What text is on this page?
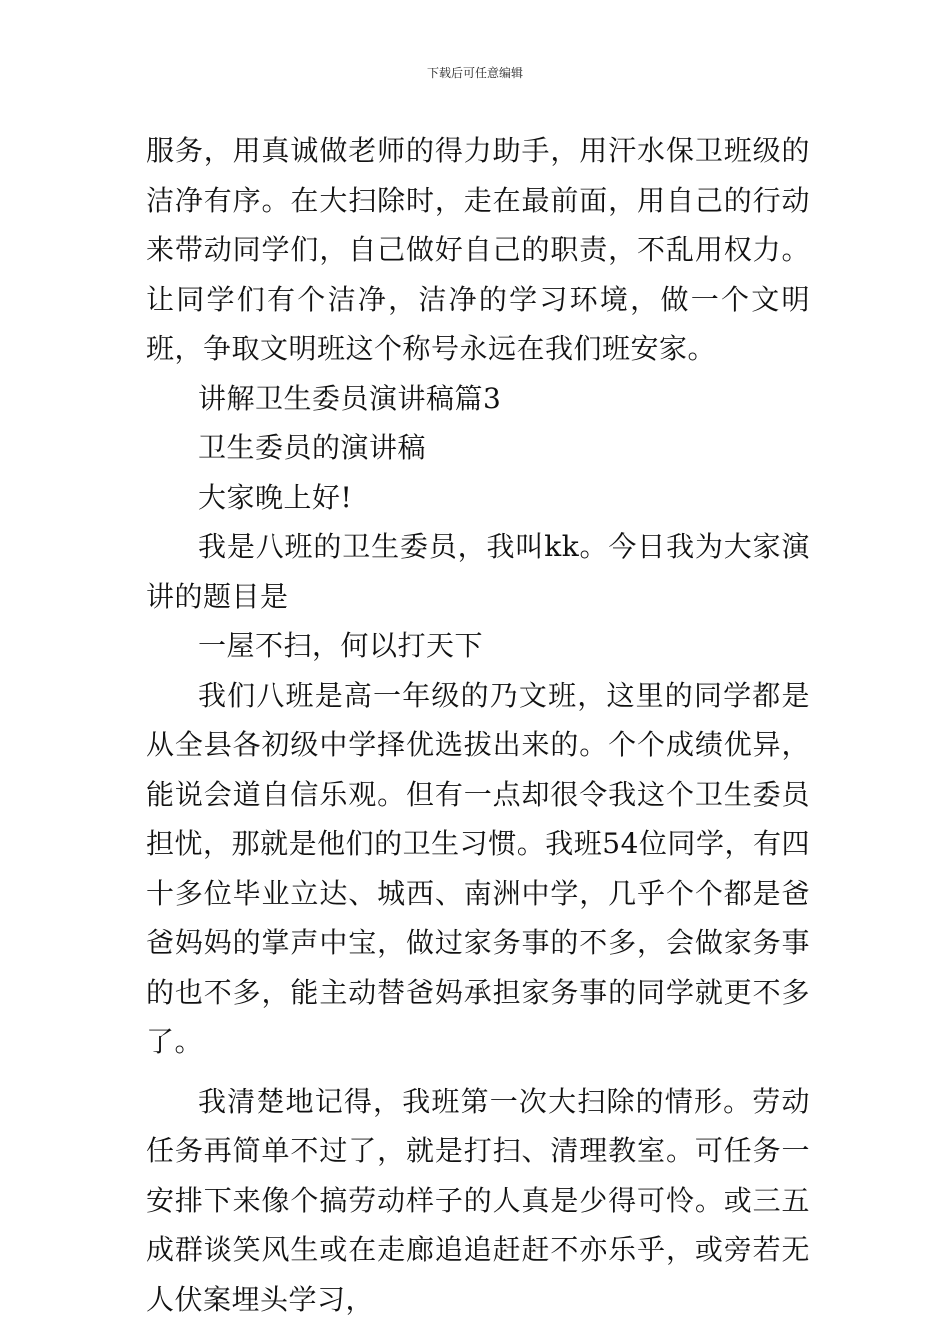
下载后可任意编辑

服务，用真诚做老师的得力助手，用汗水保卫班级的洁净有序。在大扫除时，走在最前面，用自己的行动来带动同学们，自己做好自己的职责，不乱用权力。让同学们有个洁净，洁净的学习环境，做一个文明班，争取文明班这个称号永远在我们班安家。

讲解卫生委员演讲稿篇3

卫生委员的演讲稿

大家晚上好!

我是八班的卫生委员，我叫kk。今日我为大家演讲的题目是

一屋不扫，何以打天下

我们八班是高一年级的乃文班，这里的同学都是从全县各初级中学择优选拔出来的。个个成绩优异，能说会道自信乐观。但有一点却很令我这个卫生委员担忧，那就是他们的卫生习惯。我班54位同学，有四十多位毕业立达、城西、南洲中学，几乎个个都是爸爸妈妈的掌声中宝，做过家务事的不多，会做家务事的也不多，能主动替爸妈承担家务事的同学就更不多了。

我清楚地记得，我班第一次大扫除的情形。劳动任务再简单不过了，就是打扫、清理教室。可任务一安排下来像个搞劳动样子的人真是少得可怜。或三五成群谈笑风生或在走廊追追赶赶不亦乐乎，或旁若无人伏案埋头学习，
